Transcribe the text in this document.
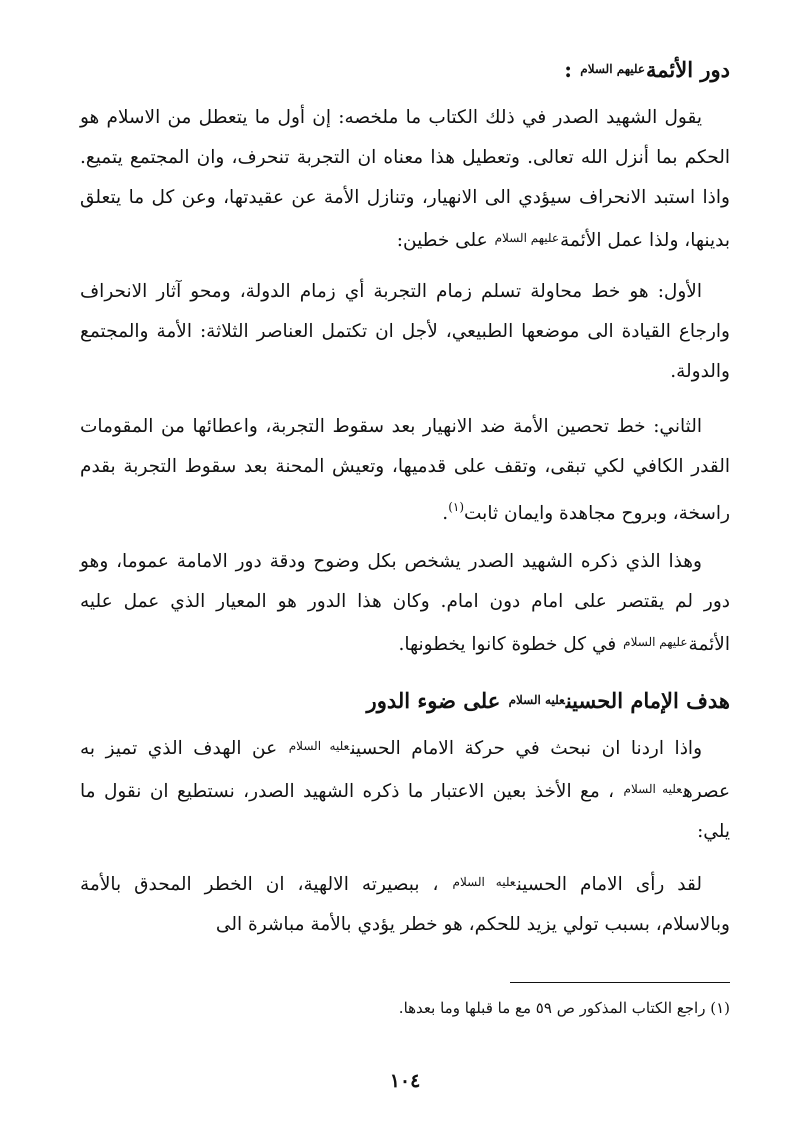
دور الأئمةعليهم السلام :

يقول الشهيد الصدر في ذلك الكتاب ما ملخصه: إن أول ما يتعطل من الاسلام هو الحكم بما أنزل الله تعالى. وتعطيل هذا معناه ان التجربة تنحرف، وان المجتمع يتميع. واذا استبد الانحراف سيؤدي الى الانهيار، وتنازل الأمة عن عقيدتها، وعن كل ما يتعلق بدينها، ولذا عمل الأئمة$^{عليهم السلام}$ على خطين:

الأول: هو خط محاولة تسلم زمام التجربة أي زمام الدولة، ومحو آثار الانحراف وارجاع القيادة الى موضعها الطبيعي، لأجل ان تكتمل العناصر الثلاثة: الأمة والمجتمع والدولة.

الثاني: خط تحصين الأمة ضد الانهيار بعد سقوط التجربة، واعطائها من المقومات القدر الكافي لكي تبقى، وتقف على قدميها، وتعيش المحنة بعد سقوط التجربة بقدم راسخة، وبروح مجاهدة وايمان ثابت$^{(١)}$.

وهذا الذي ذكره الشهيد الصدر يشخص بكل وضوح ودقة دور الامامة عموما، وهو دور لم يقتصر على امام دون امام. وكان هذا الدور هو المعيار الذي عمل عليه الأئمة$^{عليهم السلام}$ في كل خطوة كانوا يخطونها.

هدف الإمام الحسينعليه السلام على ضوء الدور

واذا اردنا ان نبحث في حركة الامام الحسين$^{عليه السلام}$ عن الهدف الذي تميز به عصره$^{عليه السلام}$ ، مع الأخذ بعين الاعتبار ما ذكره الشهيد الصدر، نستطيع ان نقول ما يلي:

لقد رأى الامام الحسين$^{عليه السلام}$ ، ببصيرته الالهية، ان الخطر المحدق بالأمة وبالاسلام، بسبب تولي يزيد للحكم، هو خطر يؤدي بالأمة مباشرة الى

(١) راجع الكتاب المذكور ص ٥٩ مع ما قبلها وما بعدها.
١٠٤
